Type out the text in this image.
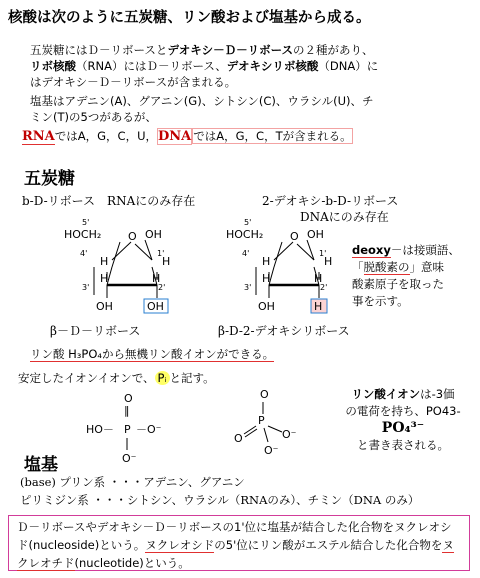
核酸は次のように五炭糖、リン酸および塩基から成る。
五炭糖にはＤ－リボースとデオキシ－Ｄ－リボースの２種があり、
リボ核酸（RNA）にはＤ－リボース、デオキシリボ核酸（DNA）に
はデオキシ－Ｄ－リボースが含まれる。
塩基はアデニン(A)、グアニン(G)、シトシン(C)、ウラシル(U)、チ
ミン(T)の5つがあるが、
RNAではA，G，C，U，DNA ではA，G，C，Tが含まれる。
五炭糖
b-D-リボース　RNAにのみ存在	2-デオキシ-b-D-リボース
DNAにのみ存在
5'
HOCH₂ O OH
4'
H
1'
H
H	H
3'	2'
OH	OH
5'
HOCH₂ O OH
4'
H
1'
H
H	H
3'	2'
OH	H
β－Ｄ－リボース	β-D-2-デオキシリボース
deoxy－は接頭語、
「脱酸素の」意味
酸素原子を取った
事を示す。
リン酸 H₃PO₄から無機リン酸イオンができる。
安定したイオンイオンで、 Pᵢ と記す。
O
‖
HO－ P －O⁻
O⁻
O
P
O	O⁻
O⁻
リン酸イオンは-3価
の電荷を持ち、PO43-
PO₄³⁻
と書き表される。
塩基
(base) プリン系 ・・・アデニン、グアニン
ピリミジン系 ・・・シトシン、ウラシル（RNAのみ）、チミン（DNA のみ）
Ｄ－リボースやデオキシ－Ｄ－リボースの1'位に塩基が結合した化合物をヌクレオシド(nucleoside)という。ヌクレオシドの5'位にリン酸がエステル結合した化合物をヌクレオチド(nucleotide)という。
